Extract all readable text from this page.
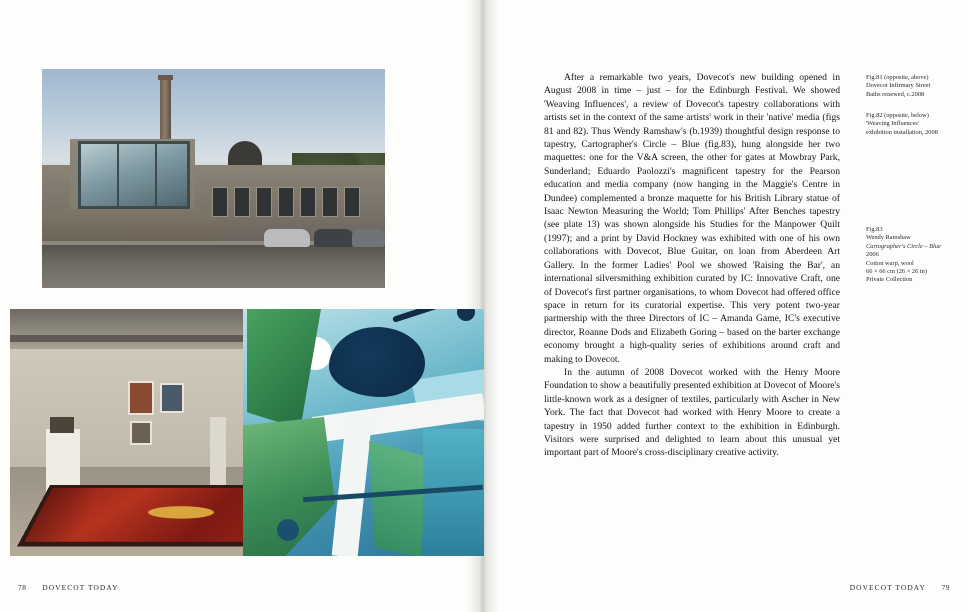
78 DOVECOT TODAY

After a remarkable two years, Dovecot's new building opened in August 2008 in time – just – for the Edinburgh Festival. We showed 'Weaving Influences', a review of Dovecot's tapestry collaborations with artists set in the context of the same artists' work in their 'native' media (figs 81 and 82). Thus Wendy Ramshaw's (b.1939) thoughtful design response to tapestry, Cartographer's Circle – Blue (fig.83), hung alongside her two maquettes: one for the V&A screen, the other for gates at Mowbray Park, Sunderland; Eduardo Paolozzi's magnificent tapestry for the Pearson education and media company (now hanging in the Maggie's Centre in Dundee) complemented a bronze maquette for his British Library statue of Isaac Newton Measuring the World; Tom Phillips' After Benches tapestry (see plate 13) was shown alongside his Studies for the Manpower Quilt (1997); and a print by David Hockney was exhibited with one of his own collaborations with Dovecot, Blue Guitar, on loan from Aberdeen Art Gallery. In the former Ladies' Pool we showed 'Raising the Bar', an international silversmithing exhibition curated by IC: Innovative Craft, one of Dovecot's first partner organisations, to whom Dovecot had offered office space in return for its curatorial expertise. This very potent two-year partnership with the three Directors of IC – Amanda Game, IC's executive director, Roanne Dods and Elizabeth Goring – based on the barter exchange economy brought a high-quality series of exhibitions around craft and making to Dovecot.

In the autumn of 2008 Dovecot worked with the Henry Moore Foundation to show a beautifully presented exhibition at Dovecot of Moore's little-known work as a designer of textiles, particularly with Ascher in New York. The fact that Dovecot had worked with Henry Moore to create a tapestry in 1950 added further context to the exhibition in Edinburgh. Visitors were surprised and delighted to learn about this unusual yet important part of Moore's cross-disciplinary creative activity.

Fig.81 (opposite, above)
Dovecot Infirmary Street
Baths renewed, c.2008
Fig.82 (opposite, below)
'Weaving Influences'
exhibition installation, 2008
Fig.83
Wendy Ramshaw
Cartographer's Circle – Blue
2006
Cotton warp, wool
66 × 66 cm (26 × 26 in)
Private Collection
DOVECOT TODAY 79
